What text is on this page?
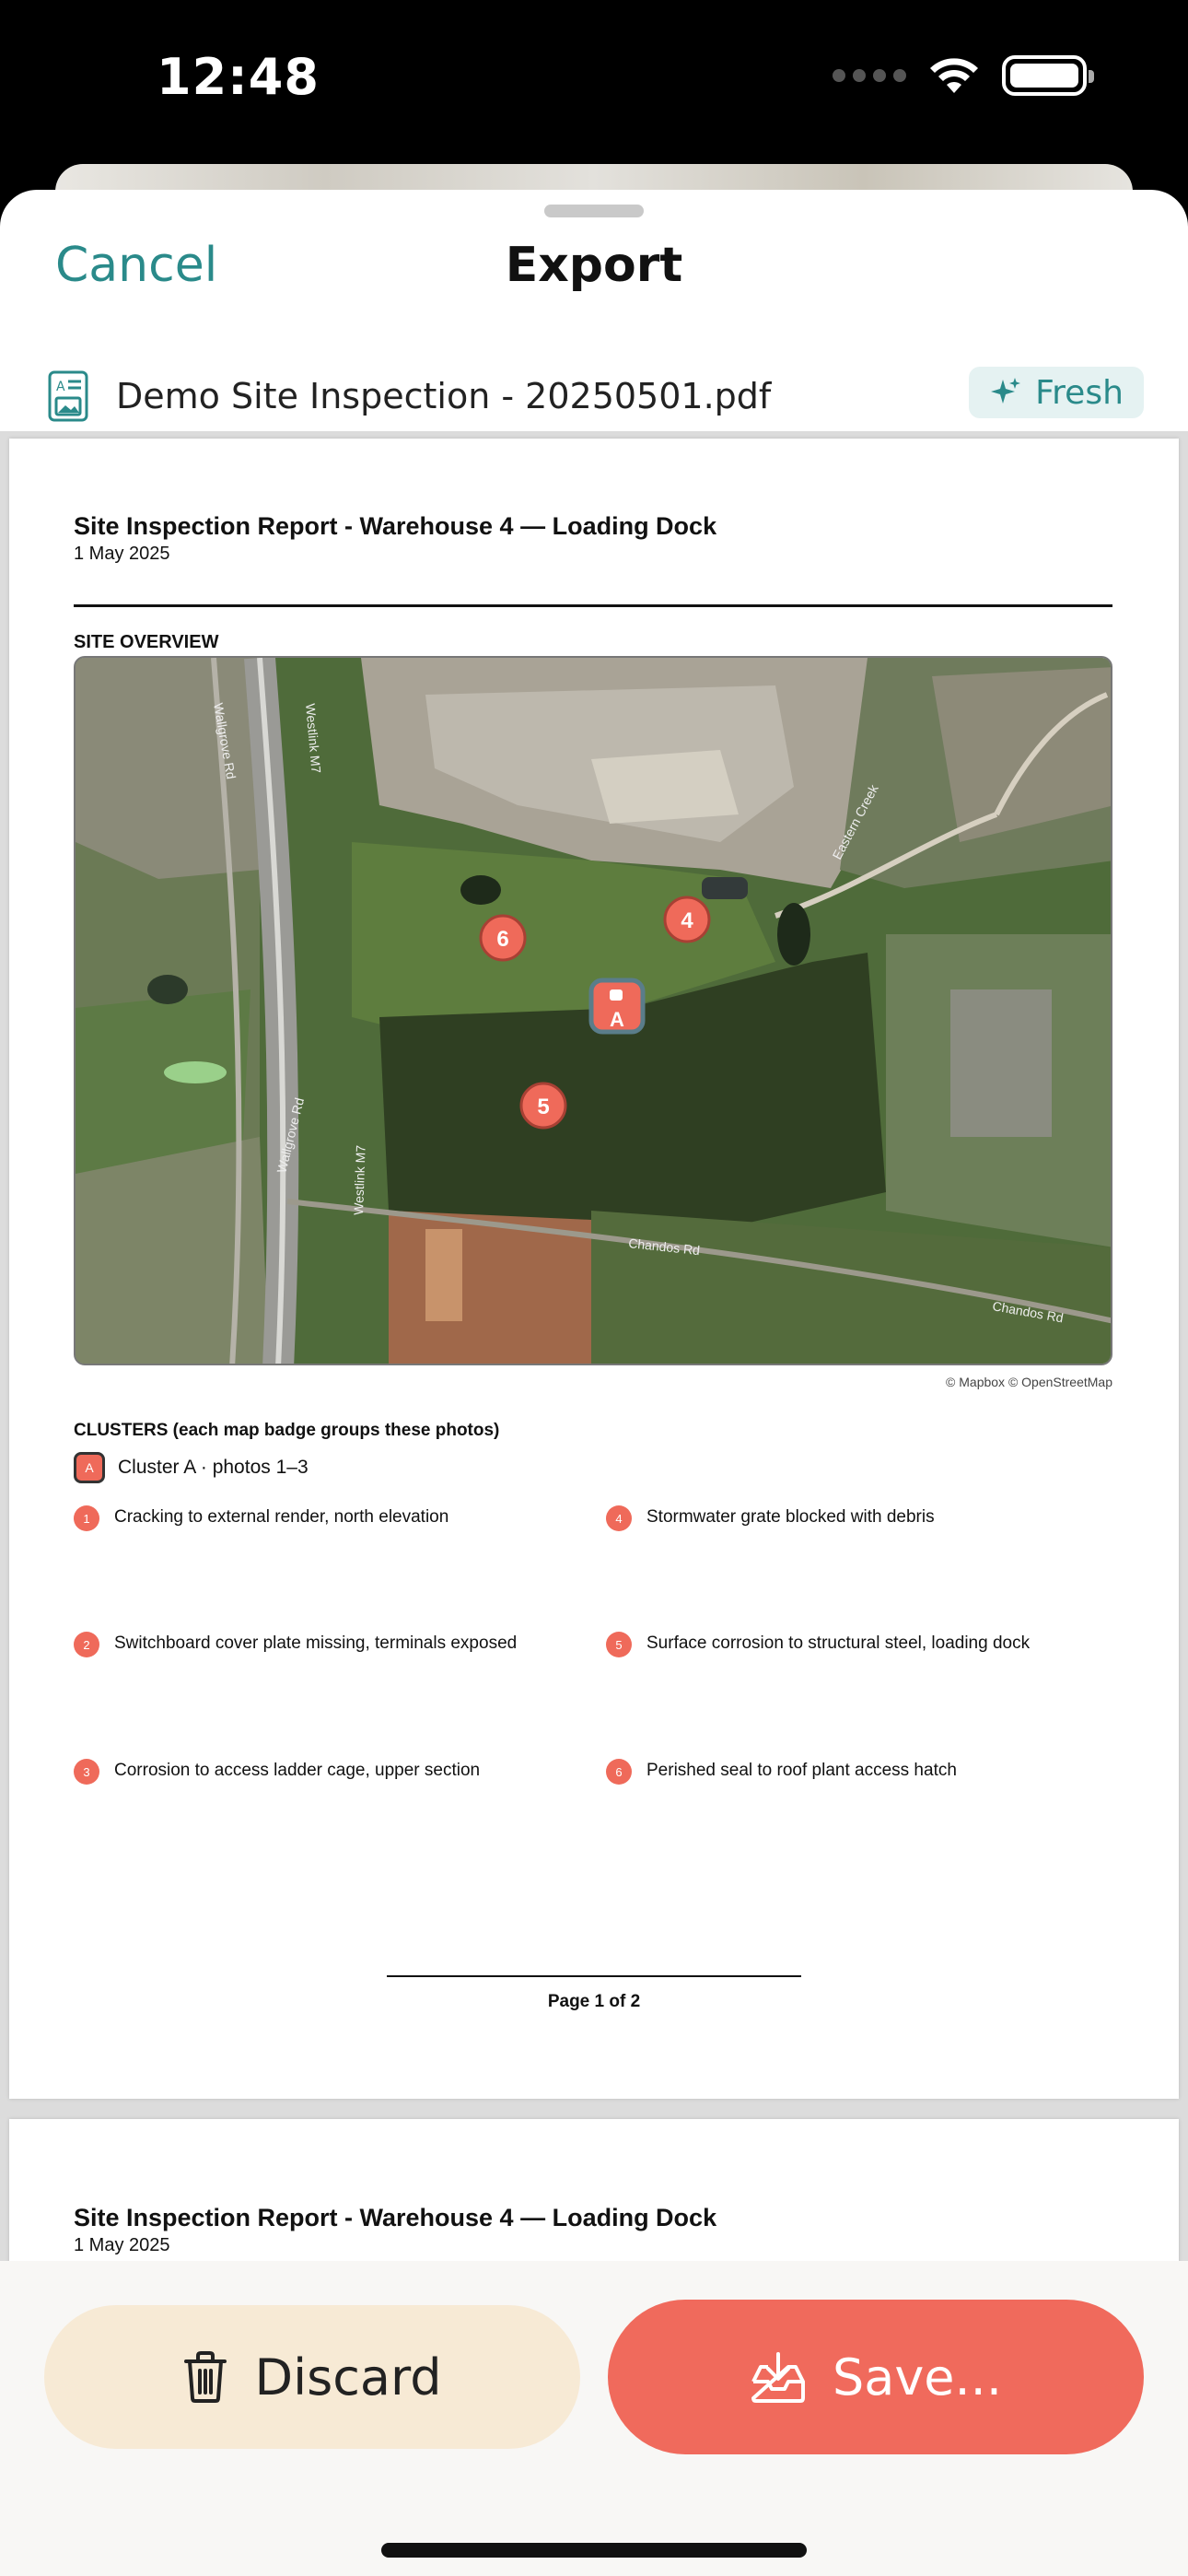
12:48
Cancel	Export
A Demo Site Inspection - 20250501.pdf	Fresh
Site Inspection Report - Warehouse 4 — Loading Dock
1 May 2025
SITE OVERVIEW
Wallgrove Rd	Westlink M7
Chandos Rd
Chandos Rd
Wallgrove Rd
Westlink M7
Eastern Creek
6
4
A
5
© Mapbox © OpenStreetMap
CLUSTERS (each map badge groups these photos)
A	Cluster A · photos 1–3
1	Cracking to external render, north elevation	4	Stormwater grate blocked with debris
2	Switchboard cover plate missing, terminals exposed	5	Surface corrosion to structural steel, loading dock
3	Corrosion to access ladder cage, upper section	6	Perished seal to roof plant access hatch
Page 1 of 2
Site Inspection Report - Warehouse 4 — Loading Dock
1 May 2025
Discard	Save...
